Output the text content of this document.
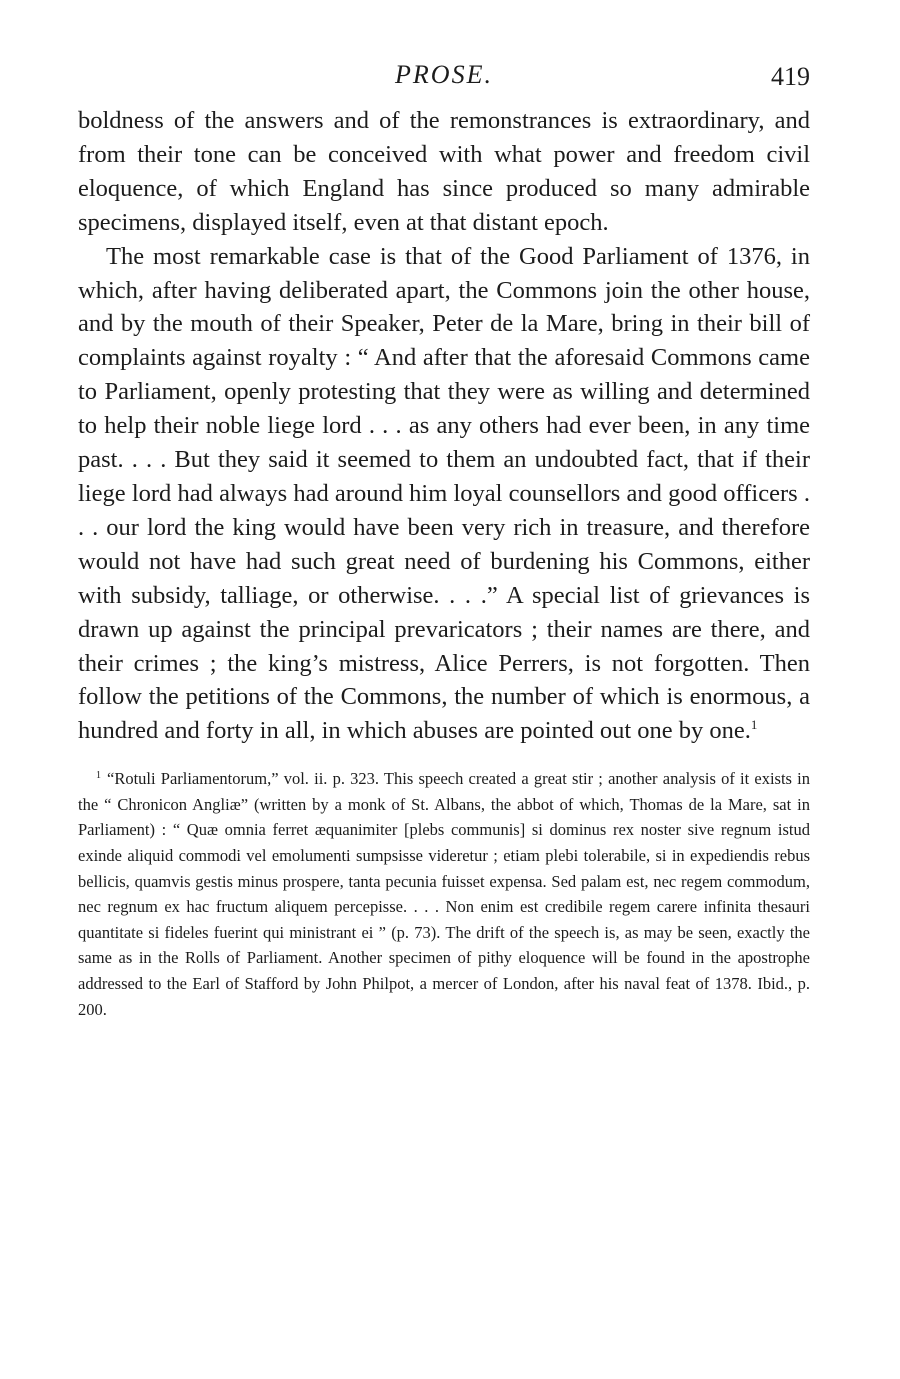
PROSE.	419

boldness of the answers and of the remonstrances is extraordinary, and from their tone can be conceived with what power and freedom civil eloquence, of which England has since produced so many admirable specimens, displayed itself, even at that distant epoch.

The most remarkable case is that of the Good Parliament of 1376, in which, after having deliberated apart, the Commons join the other house, and by the mouth of their Speaker, Peter de la Mare, bring in their bill of complaints against royalty : “ And after that the aforesaid Commons came to Parliament, openly protesting that they were as willing and determined to help their noble liege lord . . . as any others had ever been, in any time past. . . . But they said it seemed to them an undoubted fact, that if their liege lord had always had around him loyal counsellors and good officers . . . our lord the king would have been very rich in treasure, and therefore would not have had such great need of burdening his Commons, either with subsidy, talliage, or otherwise. . . .” A special list of grievances is drawn up against the principal prevaricators ; their names are there, and their crimes ; the king’s mistress, Alice Perrers, is not forgotten. Then follow the petitions of the Commons, the number of which is enormous, a hundred and forty in all, in which abuses are pointed out one by one.$^1$

$^1$ “Rotuli Parliamentorum,” vol. ii. p. 323. This speech created a great stir ; another analysis of it exists in the “ Chronicon Angliæ” (written by a monk of St. Albans, the abbot of which, Thomas de la Mare, sat in Parliament) : “ Quæ omnia ferret æquanimiter [plebs communis] si dominus rex noster sive regnum istud exinde aliquid commodi vel emolumenti sumpsisse videretur ; etiam plebi tolerabile, si in expediendis rebus bellicis, quamvis gestis minus prospere, tanta pecunia fuisset expensa. Sed palam est, nec regem commodum, nec regnum ex hac fructum aliquem percepisse. . . . Non enim est credibile regem carere infinita thesauri quantitate si fideles fuerint qui ministrant ei ” (p. 73). The drift of the speech is, as may be seen, exactly the same as in the Rolls of Parliament. Another specimen of pithy eloquence will be found in the apostrophe addressed to the Earl of Stafford by John Philpot, a mercer of London, after his naval feat of 1378. Ibid., p. 200.
